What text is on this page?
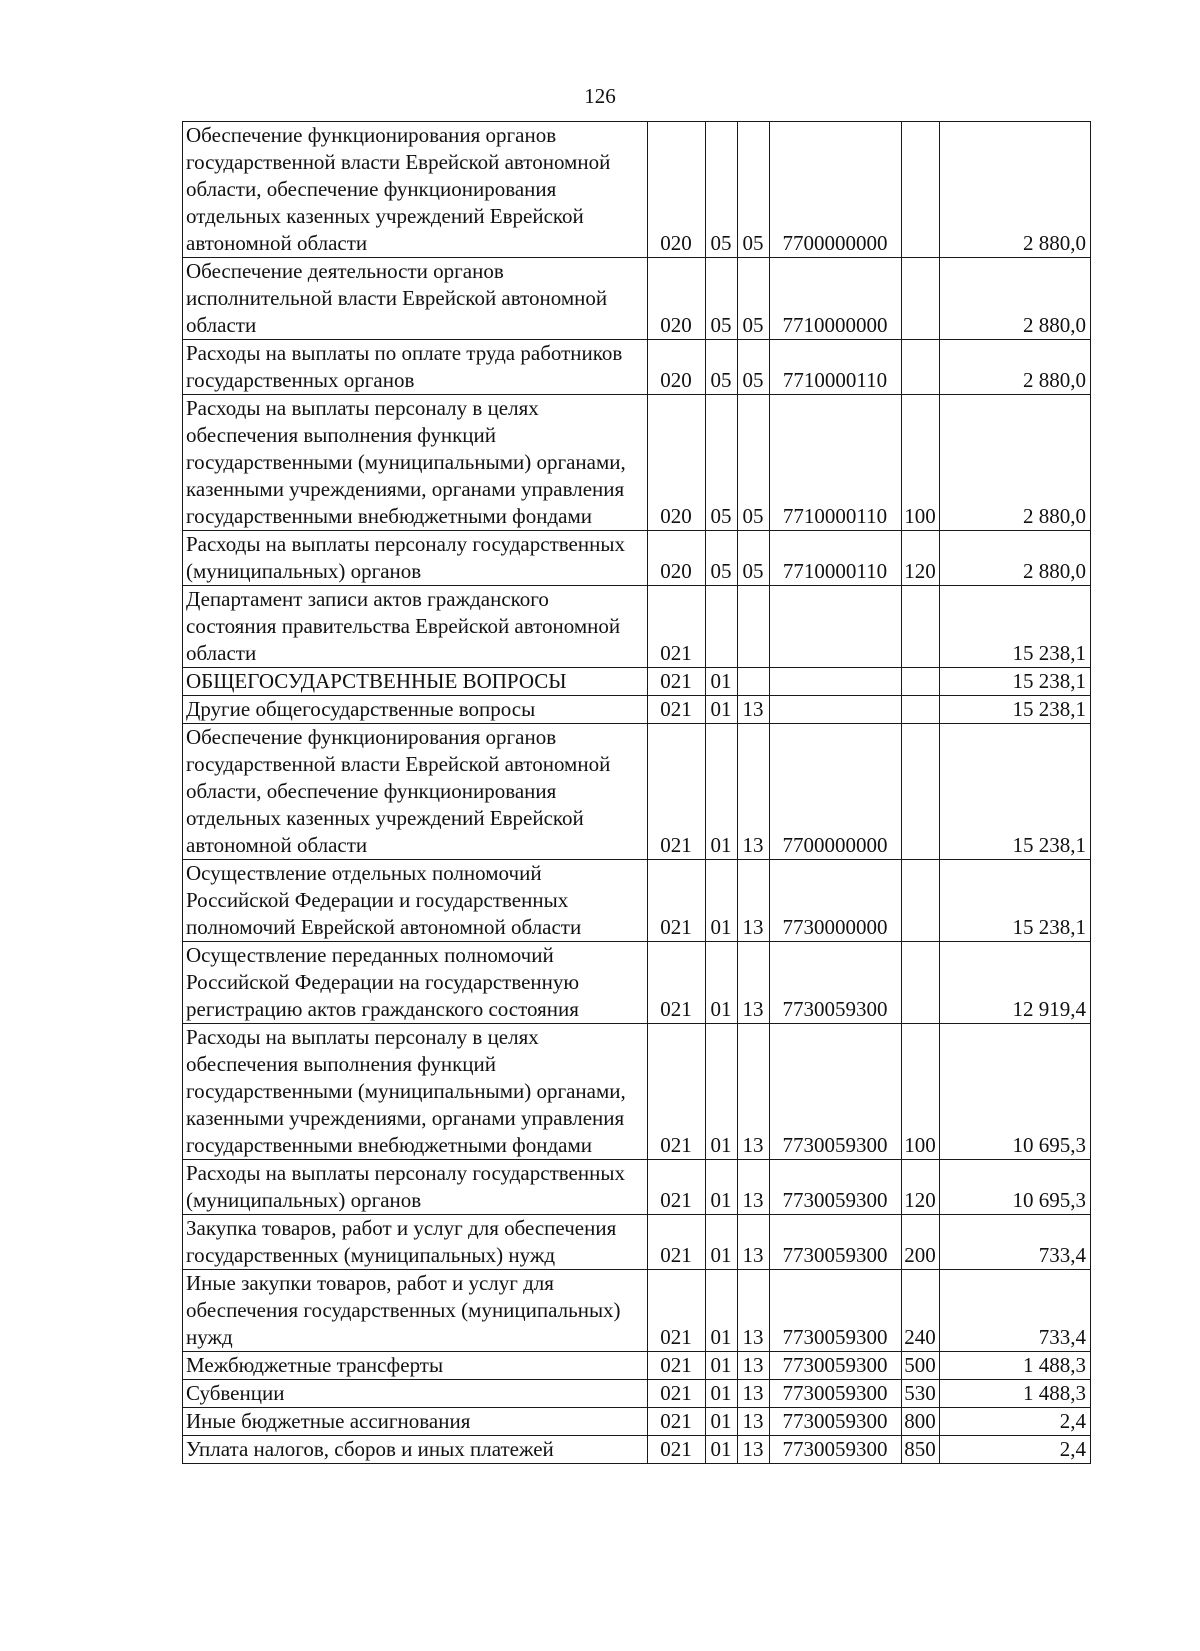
126
Обеспечение функционирования органов государственной власти Еврейской автономной области, обеспечение функционирования отдельных казенных учреждений Еврейской автономной области	020	05	05	7700000000		2 880,0
Обеспечение деятельности органов исполнительной власти Еврейской автономной области	020	05	05	7710000000		2 880,0
Расходы на выплаты по оплате труда работников государственных органов	020	05	05	7710000110		2 880,0
Расходы на выплаты персоналу в целях обеспечения выполнения функций государственными (муниципальными) органами, казенными учреждениями, органами управления государственными внебюджетными фондами	020	05	05	7710000110	100	2 880,0
Расходы на выплаты персоналу государственных (муниципальных) органов	020	05	05	7710000110	120	2 880,0
Департамент записи актов гражданского состояния правительства Еврейской автономной области	021					15 238,1
ОБЩЕГОСУДАРСТВЕННЫЕ ВОПРОСЫ	021	01				15 238,1
Другие общегосударственные вопросы	021	01	13			15 238,1
Обеспечение функционирования органов государственной власти Еврейской автономной области, обеспечение функционирования отдельных казенных учреждений Еврейской автономной области	021	01	13	7700000000		15 238,1
Осуществление отдельных полномочий Российской Федерации и государственных полномочий Еврейской автономной области	021	01	13	7730000000		15 238,1
Осуществление переданных полномочий Российской Федерации на государственную регистрацию актов гражданского состояния	021	01	13	7730059300		12 919,4
Расходы на выплаты персоналу в целях обеспечения выполнения функций государственными (муниципальными) органами, казенными учреждениями, органами управления государственными внебюджетными фондами	021	01	13	7730059300	100	10 695,3
Расходы на выплаты персоналу государственных (муниципальных) органов	021	01	13	7730059300	120	10 695,3
Закупка товаров, работ и услуг для обеспечения государственных (муниципальных) нужд	021	01	13	7730059300	200	733,4
Иные закупки товаров, работ и услуг для обеспечения государственных (муниципальных) нужд	021	01	13	7730059300	240	733,4
Межбюджетные трансферты	021	01	13	7730059300	500	1 488,3
Субвенции	021	01	13	7730059300	530	1 488,3
Иные бюджетные ассигнования	021	01	13	7730059300	800	2,4
Уплата налогов, сборов и иных платежей	021	01	13	7730059300	850	2,4
